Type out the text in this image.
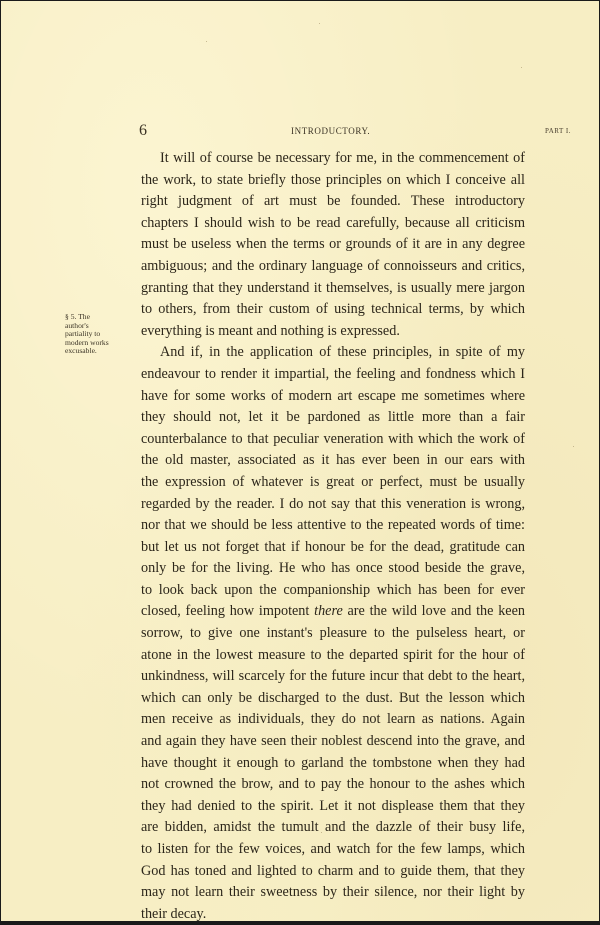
6	INTRODUCTORY.	PART I.
§ 5. The
author's
partiality to
modern works
excusable.
It will of course be necessary for me, in the commencement of
the work, to state briefly those principles on which I conceive all
right judgment of art must be founded. These introductory
chapters I should wish to be read carefully, because all criticism
must be useless when the terms or grounds of it are in any degree
ambiguous; and the ordinary language of connoisseurs and critics,
granting that they understand it themselves, is usually mere jargon
to others, from their custom of using technical terms, by which
everything is meant and nothing is expressed.
And if, in the application of these principles, in spite of my
endeavour to render it impartial, the feeling and fondness which I
have for some works of modern art escape me sometimes where
they should not, let it be pardoned as little more than a fair
counterbalance to that peculiar veneration with which the work of
the old master, associated as it has ever been in our ears with
the expression of whatever is great or perfect, must be usually
regarded by the reader. I do not say that this veneration is wrong,
nor that we should be less attentive to the repeated words of time:
but let us not forget that if honour be for the dead, gratitude can
only be for the living. He who has once stood beside the grave,
to look back upon the companionship which has been for ever
closed, feeling how impotent there are the wild love and the keen
sorrow, to give one instant's pleasure to the pulseless heart, or
atone in the lowest measure to the departed spirit for the hour of
unkindness, will scarcely for the future incur that debt to the heart,
which can only be discharged to the dust. But the lesson which
men receive as individuals, they do not learn as nations. Again
and again they have seen their noblest descend into the grave, and
have thought it enough to garland the tombstone when they had
not crowned the brow, and to pay the honour to the ashes which
they had denied to the spirit. Let it not displease them that they
are bidden, amidst the tumult and the dazzle of their busy life,
to listen for the few voices, and watch for the few lamps, which
God has toned and lighted to charm and to guide them, that they
may not learn their sweetness by their silence, nor their light by
their decay.
